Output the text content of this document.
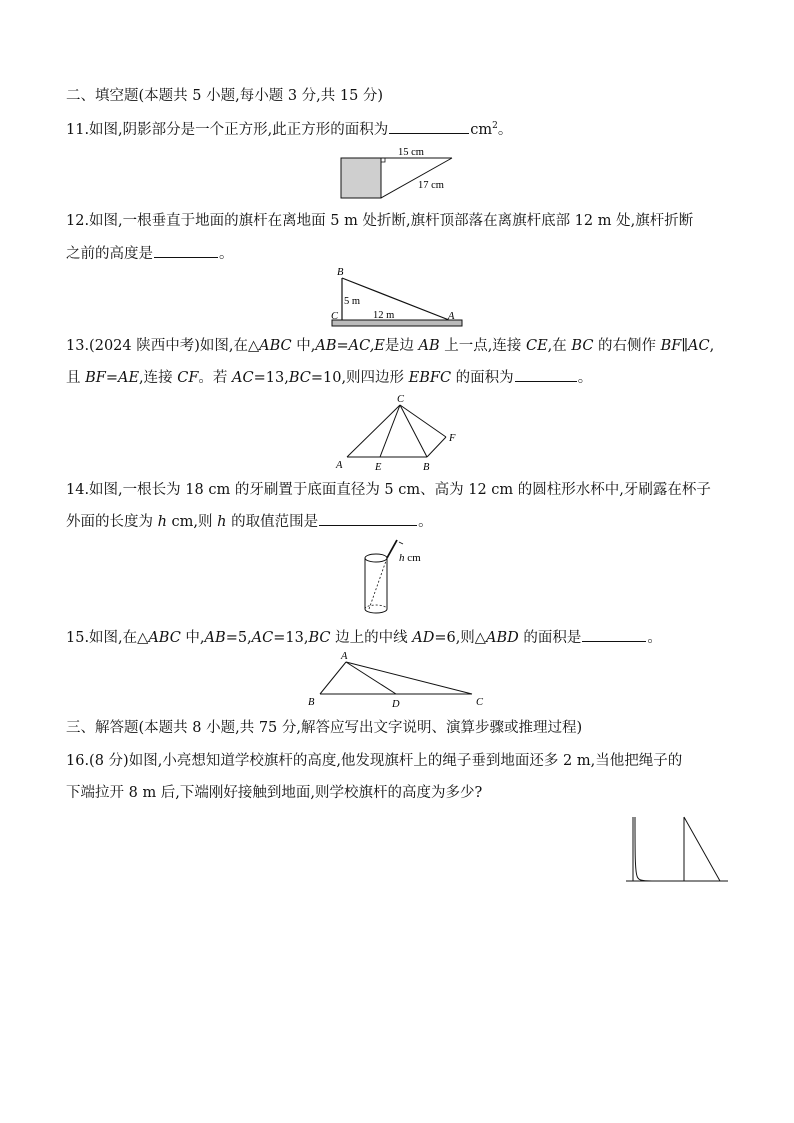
二、填空题(本题共 5 小题,每小题 3 分,共 15 分)
11.如图,阴影部分是一个正方形,此正方形的面积为	$cm^2$。
15 cm
17 cm
12.如图,一根垂直于地面的旗杆在离地面 5 m 处折断,旗杆顶部落在离旗杆底部 12 m 处,旗杆折断
之前的高度是	。
B
C	A
5 m
12 m
13.(2024 陕西中考)如图,在△ABC 中,AB=AC,E是边 AB 上一点,连接 CE,在 BC 的右侧作 BF∥AC,
且 BF=AE,连接 CF。若 AC=13,BC=10,则四边形 EBFC 的面积为	。
C
F
A	E	B
14.如图,一根长为 18 cm 的牙刷置于底面直径为 5 cm、高为 12 cm 的圆柱形水杯中,牙刷露在杯子
外面的长度为 h cm,则 h 的取值范围是	。
h cm
15.如图,在△ABC 中,AB=5,AC=13,BC 边上的中线 AD=6,则△ABD 的面积是	。
A
B	D	C
三、解答题(本题共 8 小题,共 75 分,解答应写出文字说明、演算步骤或推理过程)
16.(8 分)如图,小亮想知道学校旗杆的高度,他发现旗杆上的绳子垂到地面还多 2 m,当他把绳子的
下端拉开 8 m 后,下端刚好接触到地面,则学校旗杆的高度为多少?
